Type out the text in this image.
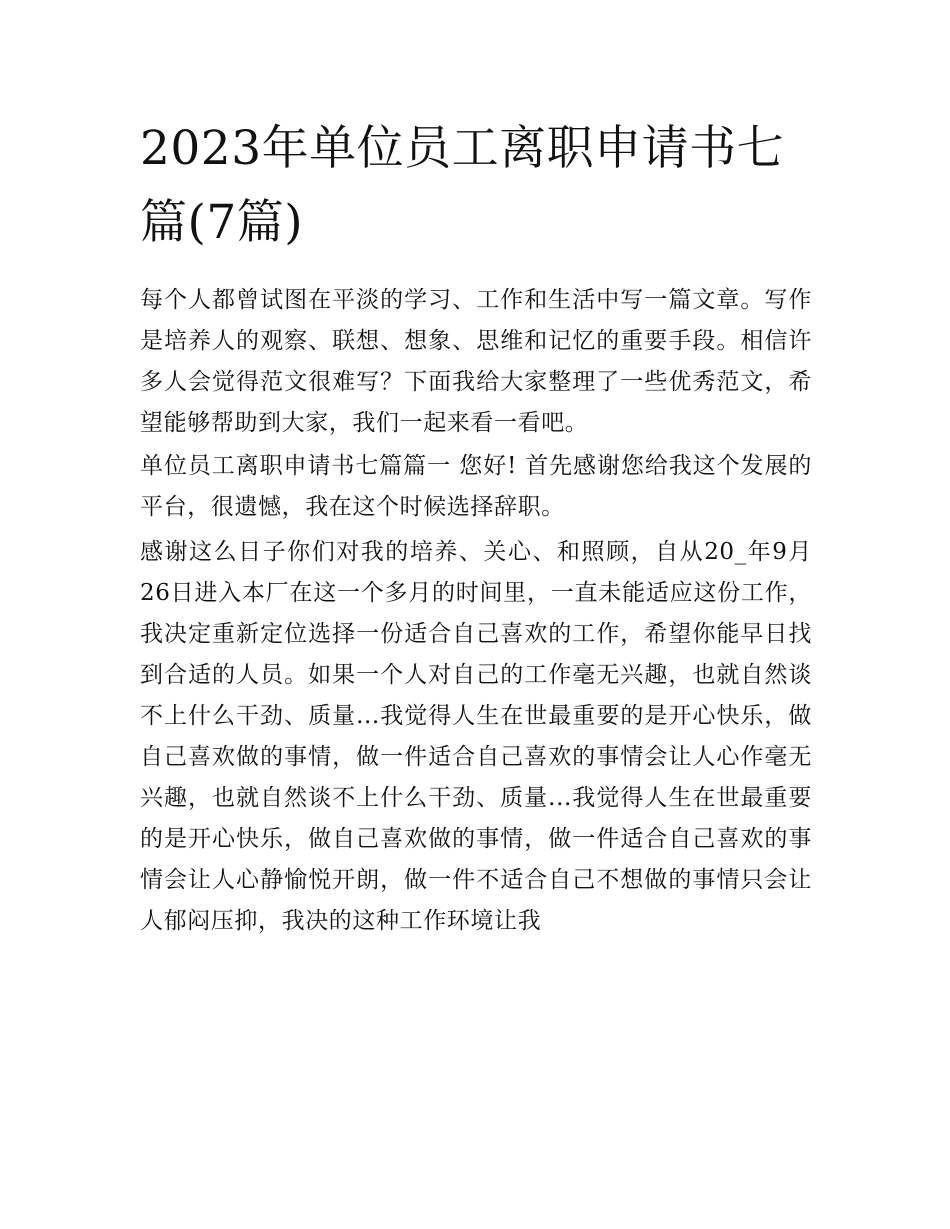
2023年单位员工离职申请书七篇(7篇)

每个人都曾试图在平淡的学习、工作和生活中写一篇文章。写作是培养人的观察、联想、想象、思维和记忆的重要手段。相信许多人会觉得范文很难写？下面我给大家整理了一些优秀范文，希望能够帮助到大家，我们一起来看一看吧。

单位员工离职申请书七篇篇一 您好! 首先感谢您给我这个发展的平台，很遗憾，我在这个时候选择辞职。

感谢这么日子你们对我的培养、关心、和照顾，自从20_年9月26日进入本厂在这一个多月的时间里，一直未能适应这份工作，我决定重新定位选择一份适合自己喜欢的工作，希望你能早日找到合适的人员。如果一个人对自己的工作毫无兴趣，也就自然谈不上什么干劲、质量...我觉得人生在世最重要的是开心快乐，做自己喜欢做的事情，做一件适合自己喜欢的事情会让人心作毫无兴趣，也就自然谈不上什么干劲、质量...我觉得人生在世最重要的是开心快乐，做自己喜欢做的事情，做一件适合自己喜欢的事情会让人心静愉悦开朗，做一件不适合自己不想做的事情只会让人郁闷压抑，我决的这种工作环境让我
